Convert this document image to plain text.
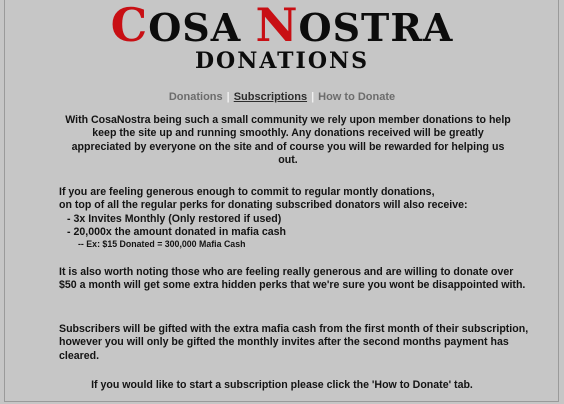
COSA NOSTRA
DONATIONS
Donations | Subscriptions | How to Donate
With CosaNostra being such a small community we rely upon member donations to help keep the site up and running smoothly. Any donations received will be greatly appreciated by everyone on the site and of course you will be rewarded for helping us out.
If you are feeling generous enough to commit to regular montly donations,
on top of all the regular perks for donating subscribed donators will also receive:
- 3x Invites Monthly (Only restored if used)
- 20,000x the amount donated in mafia cash
-- Ex: $15 Donated = 300,000 Mafia Cash
It is also worth noting those who are feeling really generous and are willing to donate over $50 a month will get some extra hidden perks that we're sure you wont be disappointed with.
Subscribers will be gifted with the extra mafia cash from the first month of their subscription, however you will only be gifted the monthly invites after the second months payment has cleared.
If you would like to start a subscription please click the 'How to Donate' tab.
